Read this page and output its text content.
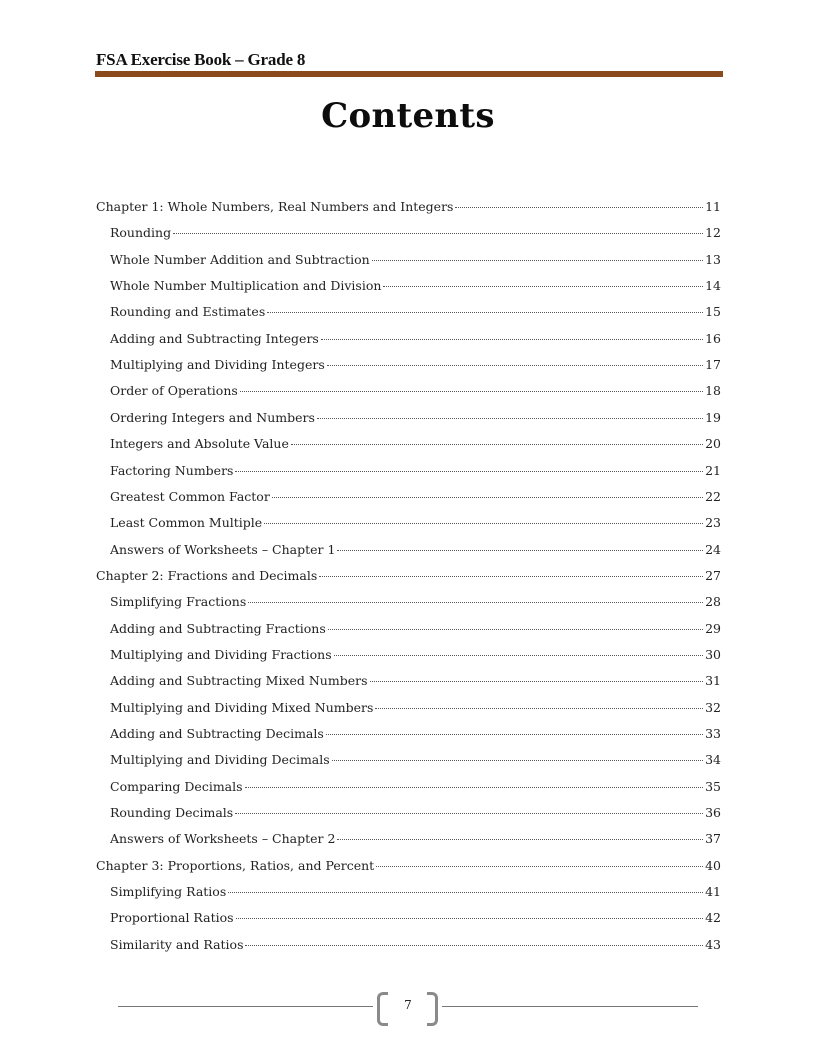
FSA Exercise Book – Grade 8
Contents
Chapter 1: Whole Numbers, Real Numbers and Integers	11
Rounding	12
Whole Number Addition and Subtraction	13
Whole Number Multiplication and Division	14
Rounding and Estimates	15
Adding and Subtracting Integers	16
Multiplying and Dividing Integers	17
Order of Operations	18
Ordering Integers and Numbers	19
Integers and Absolute Value	20
Factoring Numbers	21
Greatest Common Factor	22
Least Common Multiple	23
Answers of Worksheets – Chapter 1	24
Chapter 2: Fractions and Decimals	27
Simplifying Fractions	28
Adding and Subtracting Fractions	29
Multiplying and Dividing Fractions	30
Adding and Subtracting Mixed Numbers	31
Multiplying and Dividing Mixed Numbers	32
Adding and Subtracting Decimals	33
Multiplying and Dividing Decimals	34
Comparing Decimals	35
Rounding Decimals	36
Answers of Worksheets – Chapter 2	37
Chapter 3: Proportions, Ratios, and Percent	40
Simplifying Ratios	41
Proportional Ratios	42
Similarity and Ratios	43
7
